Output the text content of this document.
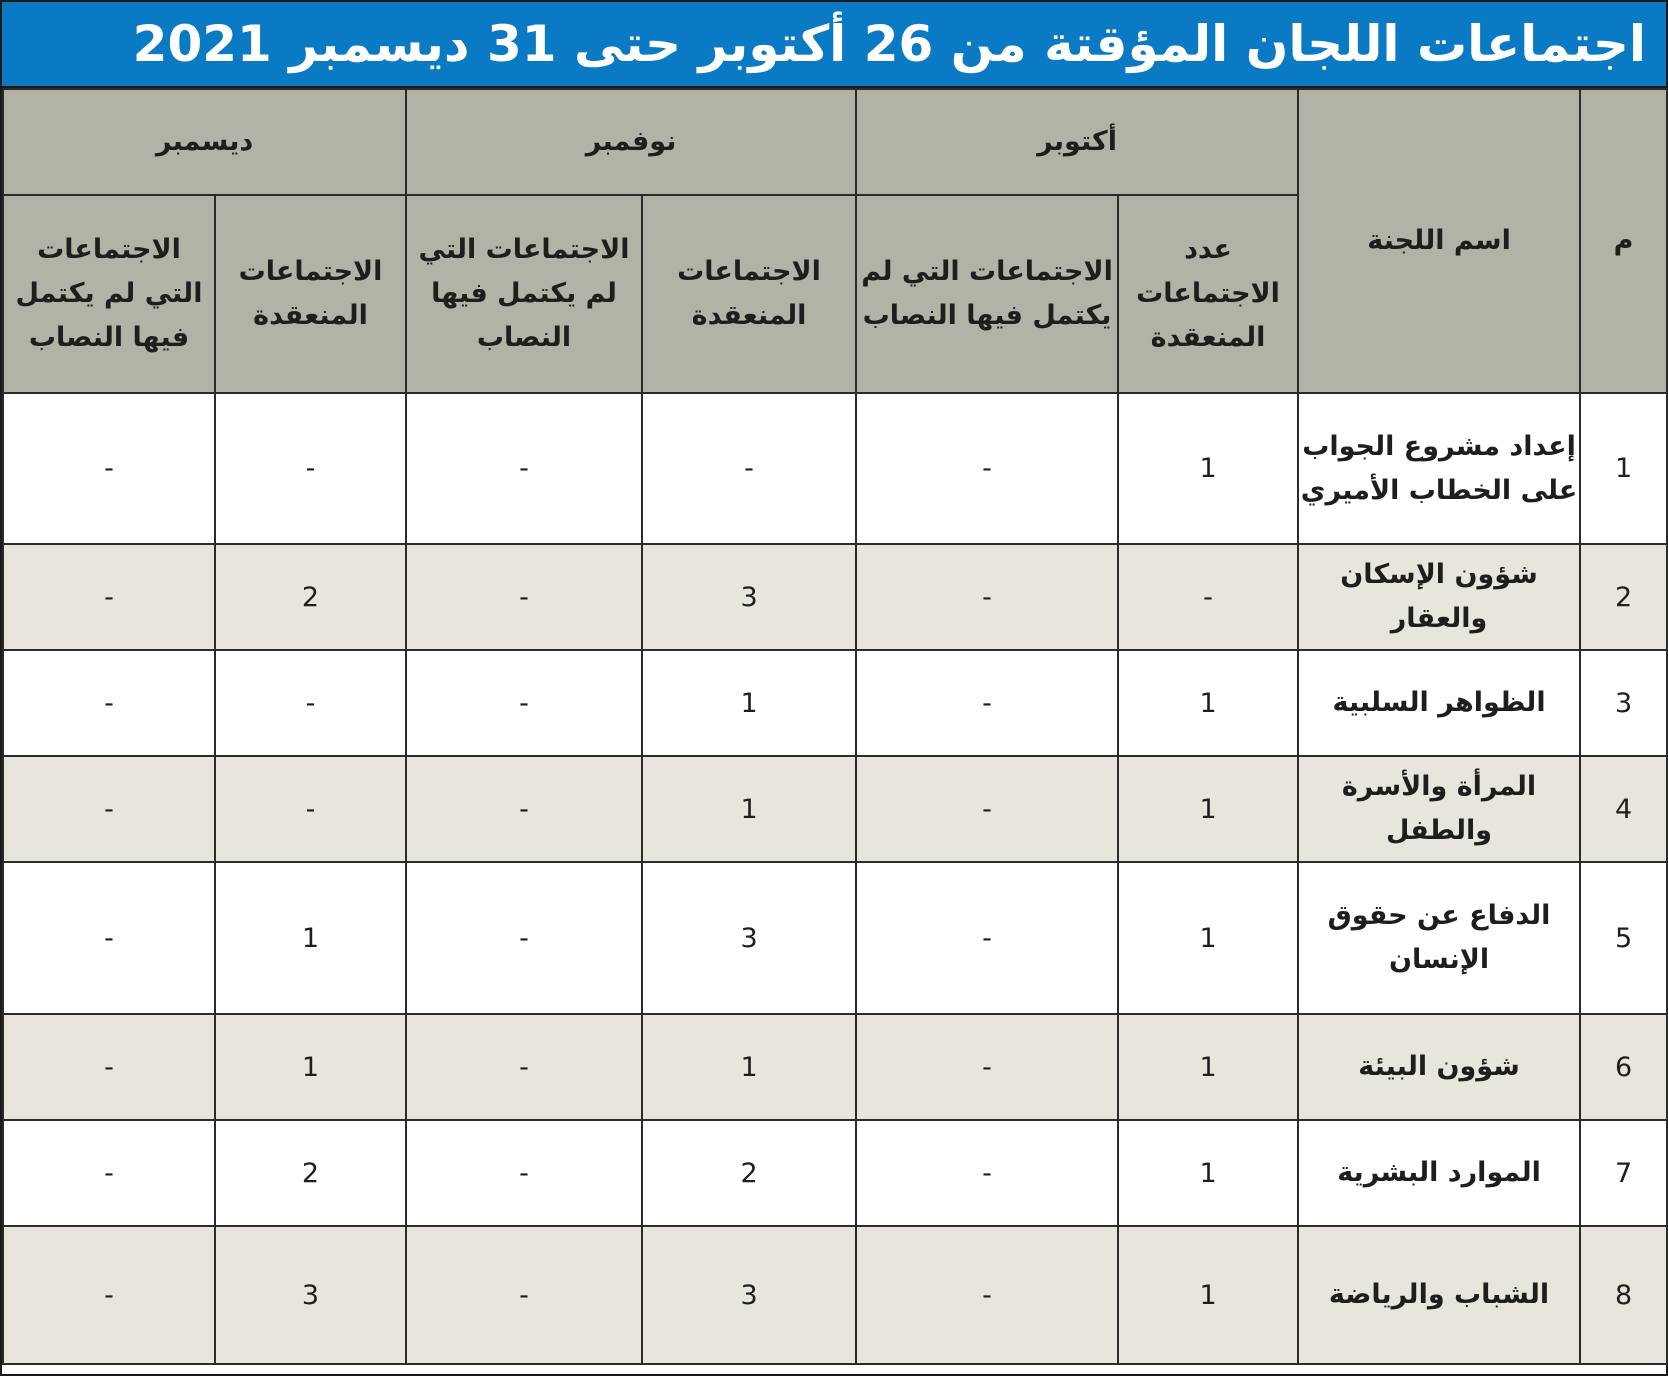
اجتماعات اللجان المؤقتة من 26 أكتوبر حتى 31 ديسمبر 2021
م	اسم اللجنة	أكتوبر		نوفمبر		ديسمبر	
		عدد الاجتماعات المنعقدة	الاجتماعات التي لم يكتمل فيها النصاب	الاجتماعات المنعقدة	الاجتماعات التي لم يكتمل فيها النصاب	الاجتماعات المنعقدة	الاجتماعات التي لم يكتمل فيها النصاب
1	إعداد مشروع الجواب على الخطاب الأميري	1	-	-	-	-	-
2	شؤون الإسكان والعقار	-	-	3	-	2	-
3	الظواهر السلبية	1	-	1	-	-	-
4	المرأة والأسرة والطفل	1	-	1	-	-	-
5	الدفاع عن حقوق الإنسان	1	-	3	-	1	-
6	شؤون البيئة	1	-	1	-	1	-
7	الموارد البشرية	1	-	2	-	2	-
8	الشباب والرياضة	1	-	3	-	3	-
